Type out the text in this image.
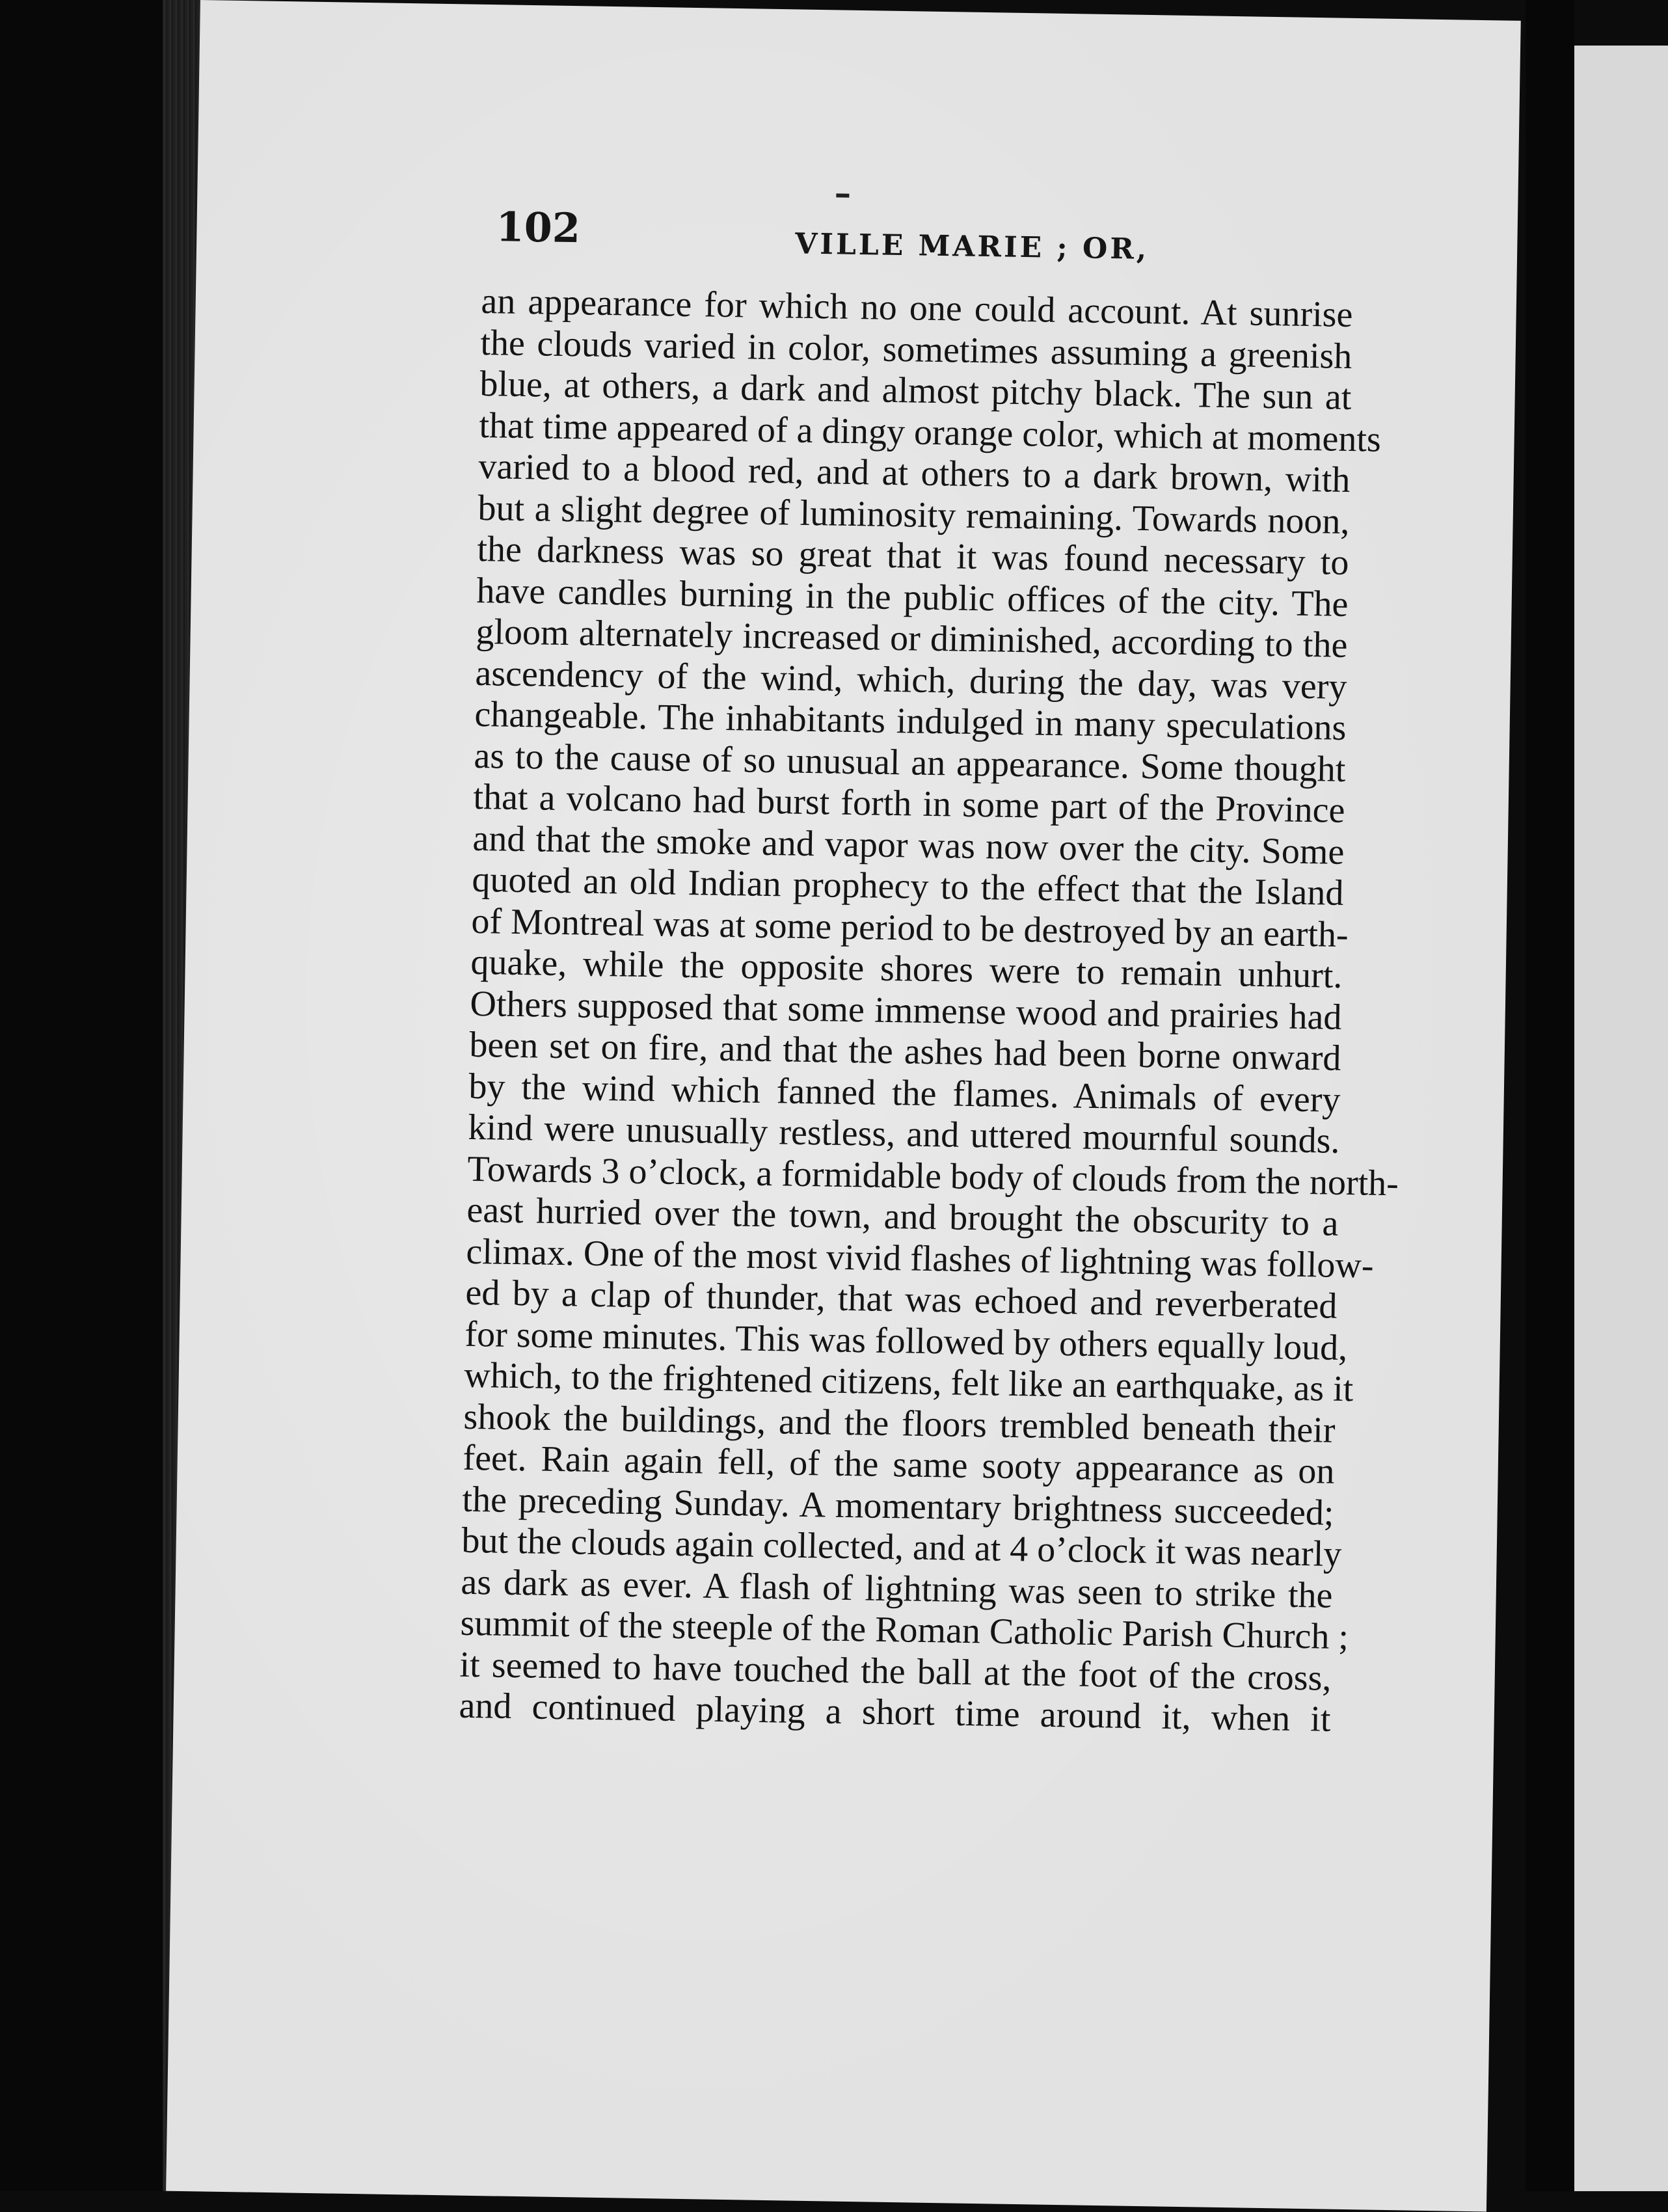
102	VILLE MARIE ; OR,
an appearance for which no one could account. At sunrise
the clouds varied in color, sometimes assuming a greenish
blue, at others, a dark and almost pitchy black. The sun at
that time appeared of a dingy orange color, which at moments
varied to a blood red, and at others to a dark brown, with
but a slight degree of luminosity remaining. Towards noon,
the darkness was so great that it was found necessary to
have candles burning in the public offices of the city. The
gloom alternately increased or diminished, according to the
ascendency of the wind, which, during the day, was very
changeable. The inhabitants indulged in many speculations
as to the cause of so unusual an appearance. Some thought
that a volcano had burst forth in some part of the Province
and that the smoke and vapor was now over the city. Some
quoted an old Indian prophecy to the effect that the Island
of Montreal was at some period to be destroyed by an earth-
quake, while the opposite shores were to remain unhurt.
Others supposed that some immense wood and prairies had
been set on fire, and that the ashes had been borne onward
by the wind which fanned the flames. Animals of every
kind were unusually restless, and uttered mournful sounds.
Towards 3 o’clock, a formidable body of clouds from the north-
east hurried over the town, and brought the obscurity to a
climax. One of the most vivid flashes of lightning was follow-
ed by a clap of thunder, that was echoed and reverberated
for some minutes. This was followed by others equally loud,
which, to the frightened citizens, felt like an earthquake, as it
shook the buildings, and the floors trembled beneath their
feet. Rain again fell, of the same sooty appearance as on
the preceding Sunday. A momentary brightness succeeded;
but the clouds again collected, and at 4 o’clock it was nearly
as dark as ever. A flash of lightning was seen to strike the
summit of the steeple of the Roman Catholic Parish Church ;
it seemed to have touched the ball at the foot of the cross,
and continued playing a short time around it, when it
